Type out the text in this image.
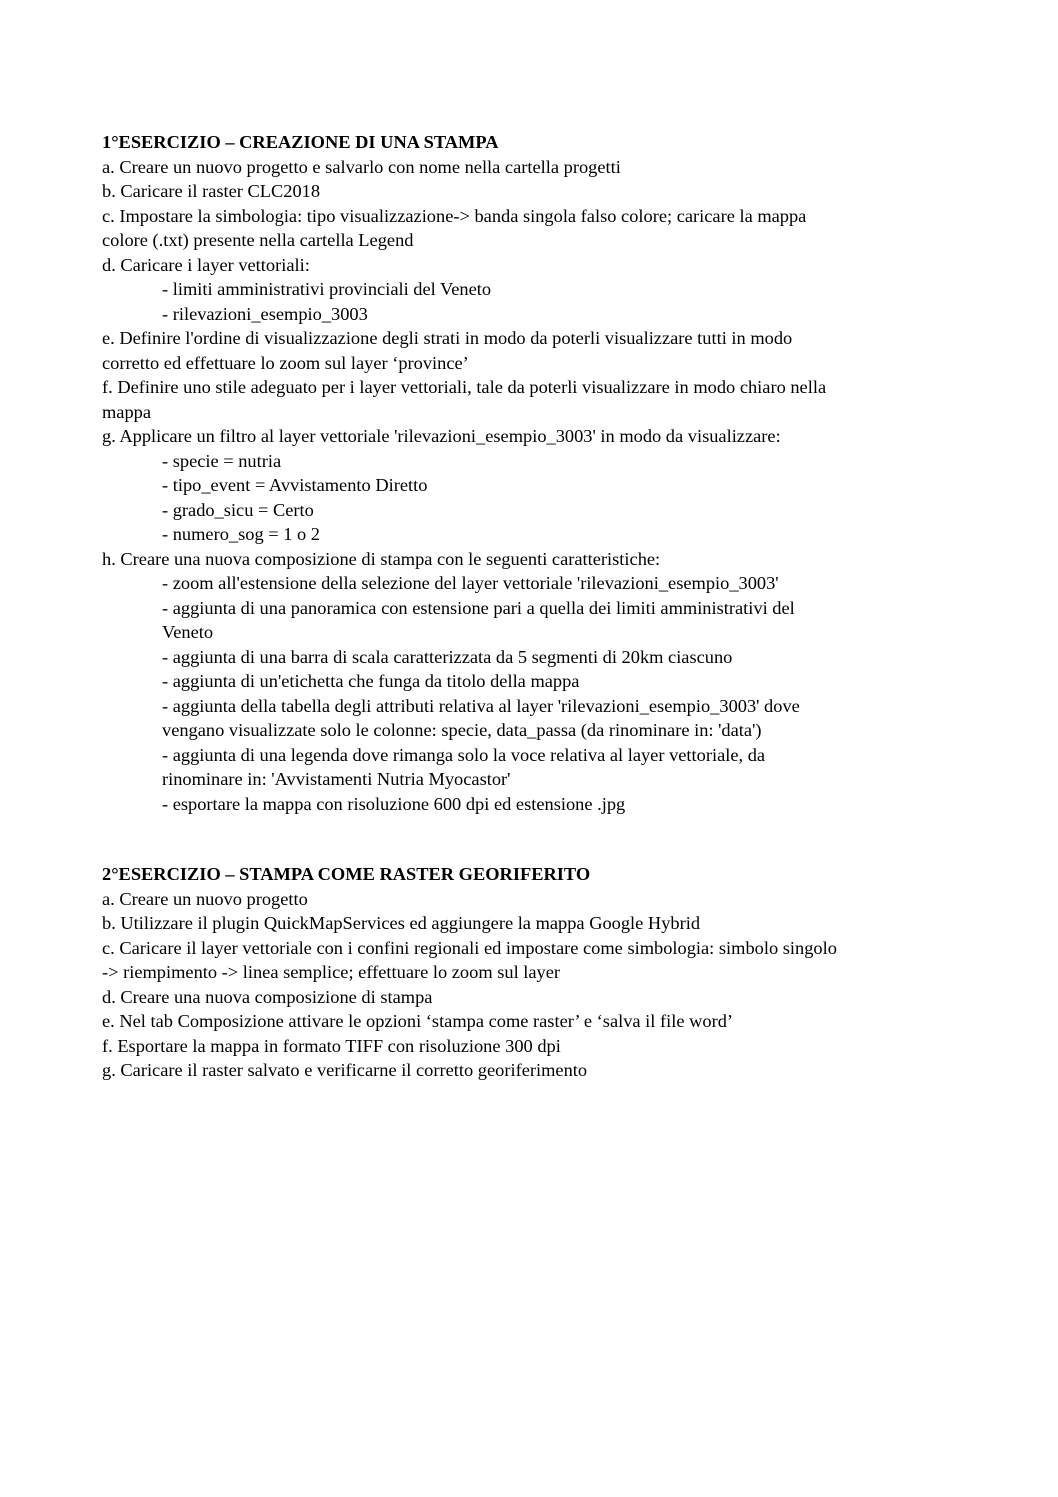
1°ESERCIZIO – CREAZIONE DI UNA STAMPA
a. Creare un nuovo progetto e salvarlo con nome nella cartella progetti
b. Caricare il raster CLC2018
c. Impostare la simbologia: tipo visualizzazione-> banda singola falso colore; caricare la mappa
colore (.txt) presente nella cartella Legend
d. Caricare i layer vettoriali:
- limiti amministrativi provinciali del Veneto
- rilevazioni_esempio_3003
e. Definire l'ordine di visualizzazione degli strati in modo da poterli visualizzare tutti in modo
corretto ed effettuare lo zoom sul layer ‘province’
f. Definire uno stile adeguato per i layer vettoriali, tale da poterli visualizzare in modo chiaro nella
mappa
g. Applicare un filtro al layer vettoriale 'rilevazioni_esempio_3003' in modo da visualizzare:
- specie = nutria
- tipo_event = Avvistamento Diretto
- grado_sicu = Certo
- numero_sog = 1 o 2
h. Creare una nuova composizione di stampa con le seguenti caratteristiche:
- zoom all'estensione della selezione del layer vettoriale 'rilevazioni_esempio_3003'
- aggiunta di una panoramica con estensione pari a quella dei limiti amministrativi del
Veneto
- aggiunta di una barra di scala caratterizzata da 5 segmenti di 20km ciascuno
- aggiunta di un'etichetta che funga da titolo della mappa
- aggiunta della tabella degli attributi relativa al layer 'rilevazioni_esempio_3003' dove
vengano visualizzate solo le colonne: specie, data_passa (da rinominare in: 'data')
- aggiunta di una legenda dove rimanga solo la voce relativa al layer vettoriale, da
rinominare in: 'Avvistamenti Nutria Myocastor'
- esportare la mappa con risoluzione 600 dpi ed estensione .jpg
2°ESERCIZIO – STAMPA COME RASTER GEORIFERITO
a. Creare un nuovo progetto
b. Utilizzare il plugin QuickMapServices ed aggiungere la mappa Google Hybrid
c. Caricare il layer vettoriale con i confini regionali ed impostare come simbologia: simbolo singolo
-> riempimento -> linea semplice; effettuare lo zoom sul layer
d. Creare una nuova composizione di stampa
e. Nel tab Composizione attivare le opzioni ‘stampa come raster’ e ‘salva il file word’
f. Esportare la mappa in formato TIFF con risoluzione 300 dpi
g. Caricare il raster salvato e verificarne il corretto georiferimento
